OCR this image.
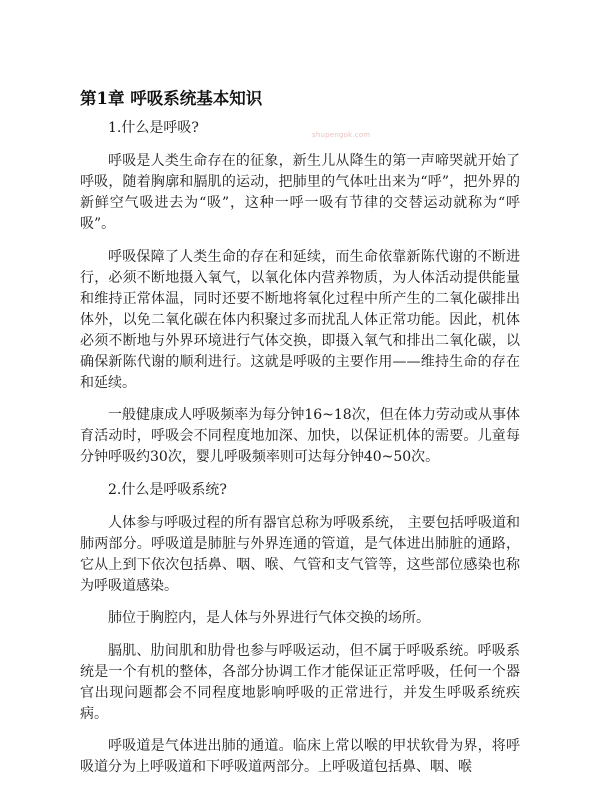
第1章 呼吸系统基本知识
shupengok.com

1.什么是呼吸?

呼吸是人类生命存在的征象，新生儿从降生的第一声啼哭就开始了呼吸，随着胸廓和膈肌的运动，把肺里的气体吐出来为“呼”，把外界的新鲜空气吸进去为“吸”，这种一呼一吸有节律的交替运动就称为“呼吸”。

呼吸保障了人类生命的存在和延续，而生命依靠新陈代谢的不断进行，必须不断地摄入氧气，以氧化体内营养物质，为人体活动提供能量和维持正常体温，同时还要不断地将氧化过程中所产生的二氧化碳排出体外，以免二氧化碳在体内积聚过多而扰乱人体正常功能。因此，机体必须不断地与外界环境进行气体交换，即摄入氧气和排出二氧化碳，以确保新陈代谢的顺利进行。这就是呼吸的主要作用——维持生命的存在和延续。

一般健康成人呼吸频率为每分钟16~18次，但在体力劳动或从事体育活动时，呼吸会不同程度地加深、加快，以保证机体的需要。儿童每分钟呼吸约30次，婴儿呼吸频率则可达每分钟40~50次。

2.什么是呼吸系统?

人体参与呼吸过程的所有器官总称为呼吸系统， 主要包括呼吸道和肺两部分。呼吸道是肺脏与外界连通的管道，是气体进出肺脏的通路，它从上到下依次包括鼻、咽、喉、气管和支气管等，这些部位感染也称为呼吸道感染。

肺位于胸腔内，是人体与外界进行气体交换的场所。

膈肌、肋间肌和肋骨也参与呼吸运动，但不属于呼吸系统。呼吸系统是一个有机的整体，各部分协调工作才能保证正常呼吸，任何一个器官出现问题都会不同程度地影响呼吸的正常进行，并发生呼吸系统疾病。

呼吸道是气体进出肺的通道。临床上常以喉的甲状软骨为界，将呼吸道分为上呼吸道和下呼吸道两部分。上呼吸道包括鼻、咽、喉
